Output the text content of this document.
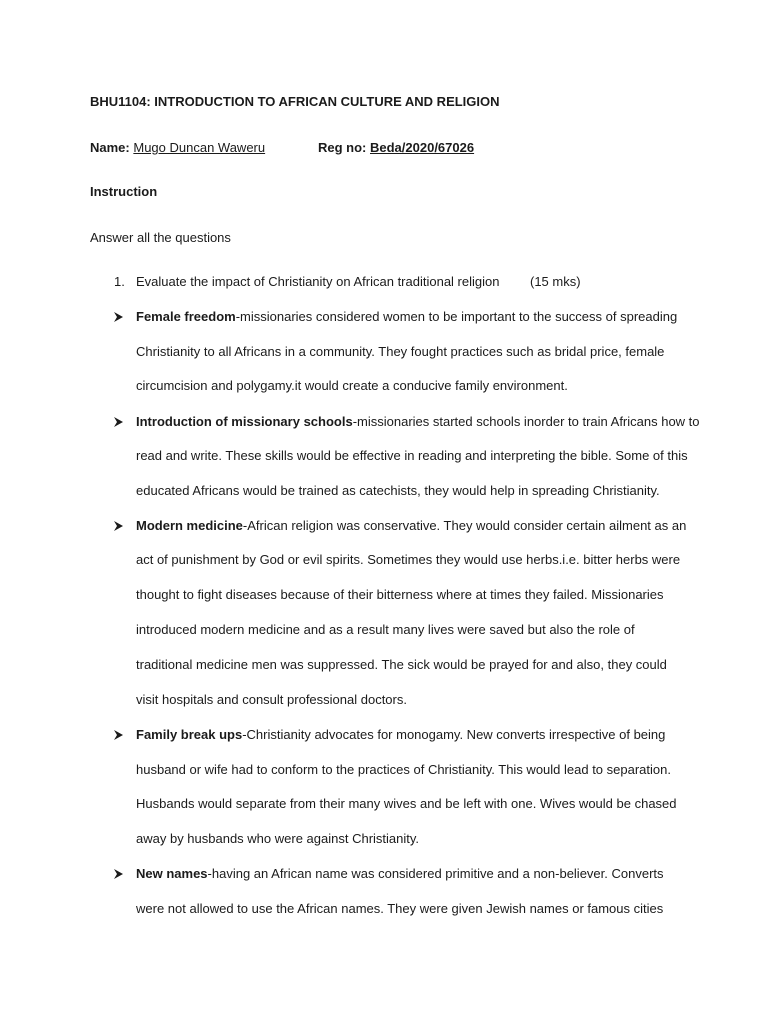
BHU1104: INTRODUCTION TO AFRICAN CULTURE AND RELIGION
Name: Mugo Duncan Waweru	Reg no: Beda/2020/67026
Instruction
Answer all the questions
1. Evaluate the impact of Christianity on African traditional religion (15 mks)
Female freedom-missionaries considered women to be important to the success of spreading
Christianity to all Africans in a community. They fought practices such as bridal price, female
circumcision and polygamy.it would create a conducive family environment.
Introduction of missionary schools-missionaries started schools inorder to train Africans how to
read and write. These skills would be effective in reading and interpreting the bible. Some of this
educated Africans would be trained as catechists, they would help in spreading Christianity.
Modern medicine-African religion was conservative. They would consider certain ailment as an
act of punishment by God or evil spirits. Sometimes they would use herbs.i.e. bitter herbs were
thought to fight diseases because of their bitterness where at times they failed. Missionaries
introduced modern medicine and as a result many lives were saved but also the role of
traditional medicine men was suppressed. The sick would be prayed for and also, they could
visit hospitals and consult professional doctors.
Family break ups-Christianity advocates for monogamy. New converts irrespective of being
husband or wife had to conform to the practices of Christianity. This would lead to separation.
Husbands would separate from their many wives and be left with one. Wives would be chased
away by husbands who were against Christianity.
New names-having an African name was considered primitive and a non-believer. Converts
were not allowed to use the African names. They were given Jewish names or famous cities
